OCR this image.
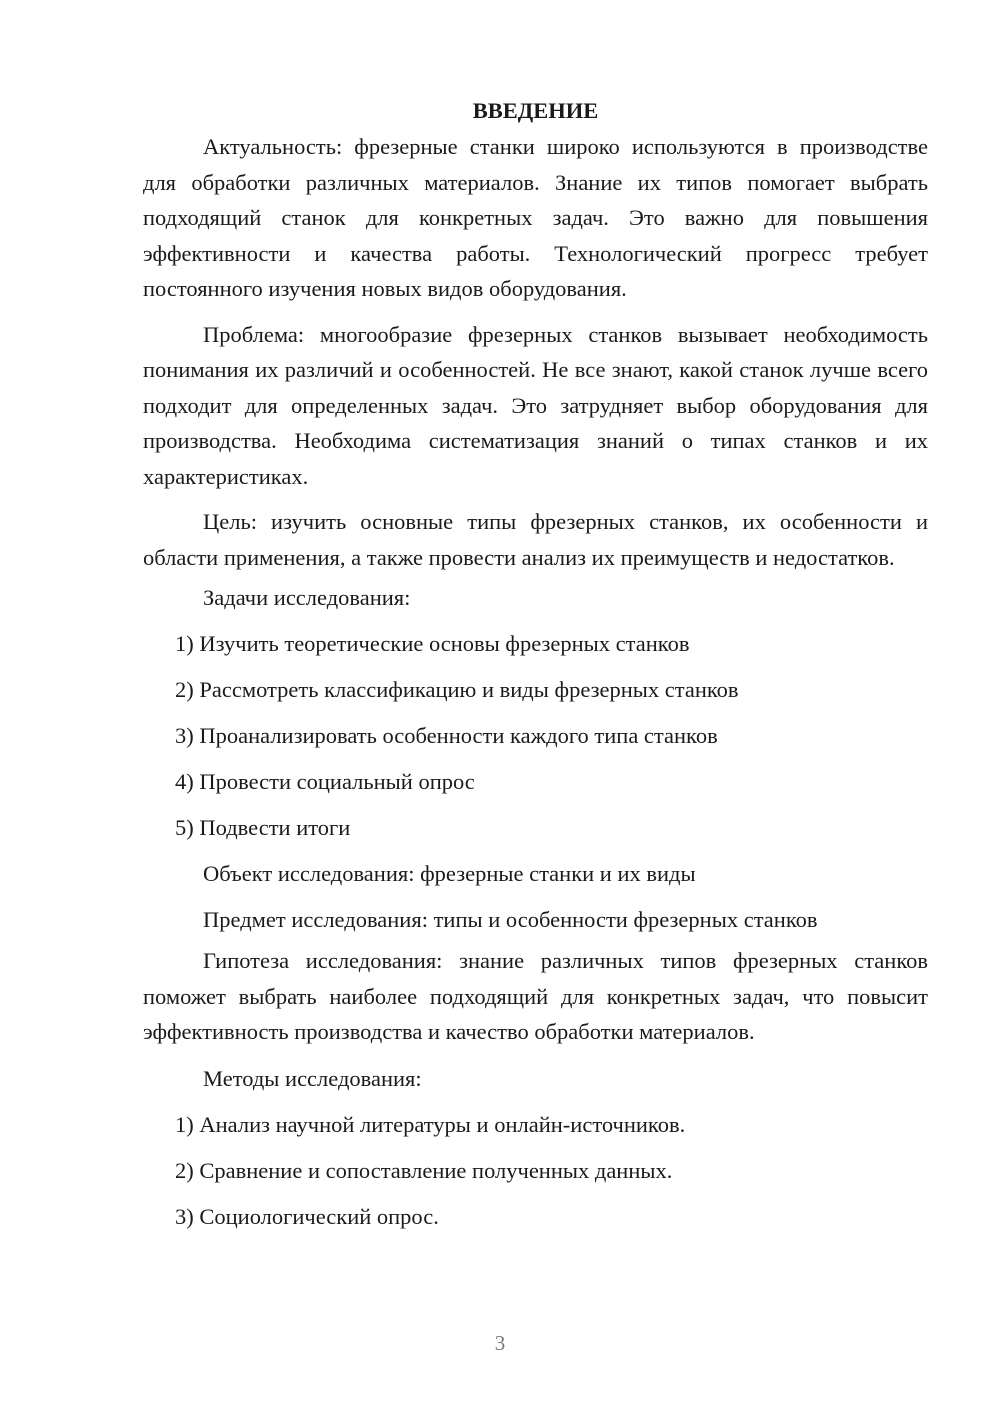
ВВЕДЕНИЕ

Актуальность: фрезерные станки широко используются в производстве для обработки различных материалов. Знание их типов помогает выбрать подходящий станок для конкретных задач. Это важно для повышения эффективности и качества работы. Технологический прогресс требует постоянного изучения новых видов оборудования.

Проблема: многообразие фрезерных станков вызывает необходимость понимания их различий и особенностей. Не все знают, какой станок лучше всего подходит для определенных задач. Это затрудняет выбор оборудования для производства. Необходима систематизация знаний о типах станков и их характеристиках.

Цель: изучить основные типы фрезерных станков, их особенности и области применения, а также провести анализ их преимуществ и недостатков.

Задачи исследования:

1) Изучить теоретические основы фрезерных станков
2) Рассмотреть классификацию и виды фрезерных станков
3) Проанализировать особенности каждого типа станков
4) Провести социальный опрос
5) Подвести итоги

Объект исследования: фрезерные станки и их виды

Предмет исследования: типы и особенности фрезерных станков

Гипотеза исследования: знание различных типов фрезерных станков поможет выбрать наиболее подходящий для конкретных задач, что повысит эффективность производства и качество обработки материалов.

Методы исследования:

1) Анализ научной литературы и онлайн-источников.
2) Сравнение и сопоставление полученных данных.
3) Социологический опрос.
3
